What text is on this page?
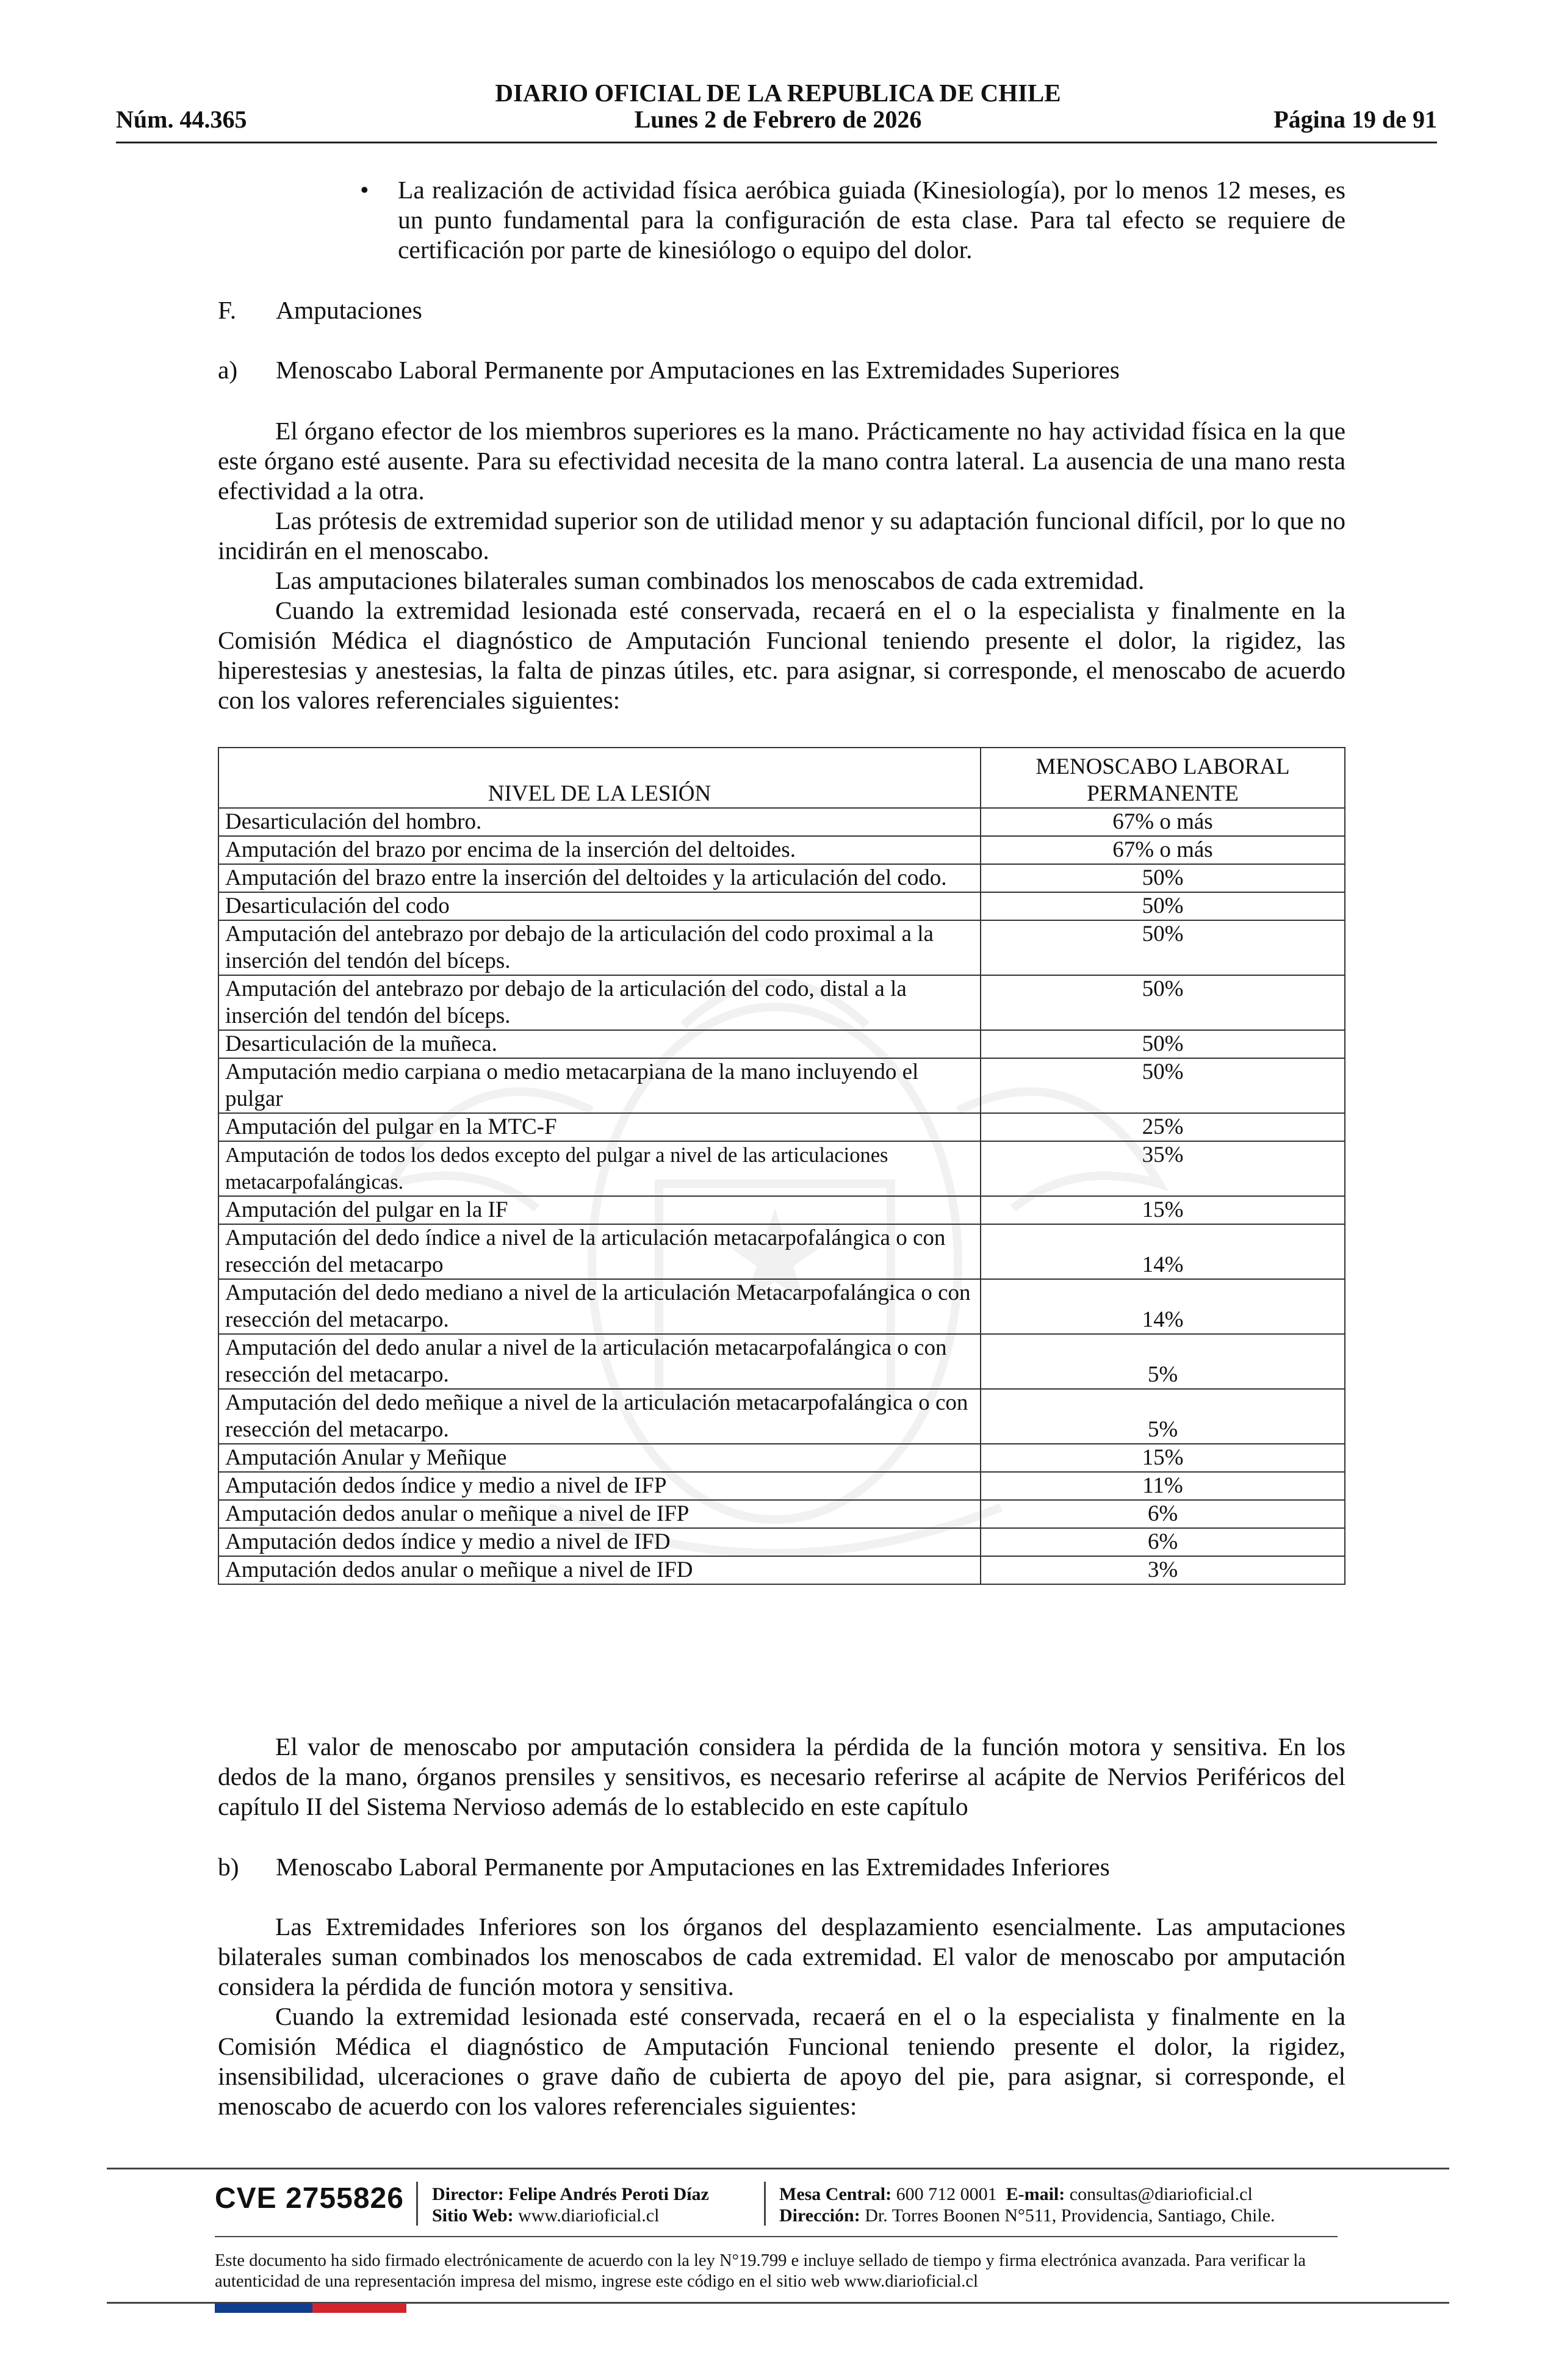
DIARIO OFICIAL DE LA REPUBLICA DE CHILE
Lunes 2 de Febrero de 2026
Núm. 44.365	Página 19 de 91
• La realización de actividad física aeróbica guiada (Kinesiología), por lo menos 12 meses, es un punto fundamental para la configuración de esta clase. Para tal efecto se requiere de certificación por parte de kinesiólogo o equipo del dolor.

F. Amputaciones
a) Menoscabo Laboral Permanente por Amputaciones en las Extremidades Superiores

El órgano efector de los miembros superiores es la mano. Prácticamente no hay actividad física en la que este órgano esté ausente. Para su efectividad necesita de la mano contra lateral. La ausencia de una mano resta efectividad a la otra.

Las prótesis de extremidad superior son de utilidad menor y su adaptación funcional difícil, por lo que no incidirán en el menoscabo.

Las amputaciones bilaterales suman combinados los menoscabos de cada extremidad.

Cuando la extremidad lesionada esté conservada, recaerá en el o la especialista y finalmente en la Comisión Médica el diagnóstico de Amputación Funcional teniendo presente el dolor, la rigidez, las hiperestesias y anestesias, la falta de pinzas útiles, etc. para asignar, si corresponde, el menoscabo de acuerdo con los valores referenciales siguientes:

NIVEL DE LA LESIÓN	MENOSCABO LABORAL PERMANENTE
Desarticulación del hombro.	67% o más
Amputación del brazo por encima de la inserción del deltoides.	67% o más
Amputación del brazo entre la inserción del deltoides y la articulación del codo.	50%
Desarticulación del codo	50%
Amputación del antebrazo por debajo de la articulación del codo proximal a la inserción del tendón del bíceps.	50%
Amputación del antebrazo por debajo de la articulación del codo, distal a la inserción del tendón del bíceps.	50%
Desarticulación de la muñeca.	50%
Amputación medio carpiana o medio metacarpiana de la mano incluyendo el pulgar	50%
Amputación del pulgar en la MTC-F	25%
Amputación de todos los dedos excepto del pulgar a nivel de las articulaciones metacarpofalángicas.	35%
Amputación del pulgar en la IF	15%
Amputación del dedo índice a nivel de la articulación metacarpofalángica o con resección del metacarpo	14%
Amputación del dedo mediano a nivel de la articulación Metacarpofalángica o con resección del metacarpo.	14%
Amputación del dedo anular a nivel de la articulación metacarpofalángica o con resección del metacarpo.	5%
Amputación del dedo meñique a nivel de la articulación metacarpofalángica o con resección del metacarpo.	5%
Amputación Anular y Meñique	15%
Amputación dedos índice y medio a nivel de IFP	11%
Amputación dedos anular o meñique a nivel de IFP	6%
Amputación dedos índice y medio a nivel de IFD	6%
Amputación dedos anular o meñique a nivel de IFD	3%

El valor de menoscabo por amputación considera la pérdida de la función motora y sensitiva. En los dedos de la mano, órganos prensiles y sensitivos, es necesario referirse al acápite de Nervios Periféricos del capítulo II del Sistema Nervioso además de lo establecido en este capítulo

b) Menoscabo Laboral Permanente por Amputaciones en las Extremidades Inferiores

Las Extremidades Inferiores son los órganos del desplazamiento esencialmente. Las amputaciones bilaterales suman combinados los menoscabos de cada extremidad. El valor de menoscabo por amputación considera la pérdida de función motora y sensitiva.

Cuando la extremidad lesionada esté conservada, recaerá en el o la especialista y finalmente en la Comisión Médica el diagnóstico de Amputación Funcional teniendo presente el dolor, la rigidez, insensibilidad, ulceraciones o grave daño de cubierta de apoyo del pie, para asignar, si corresponde, el menoscabo de acuerdo con los valores referenciales siguientes:

CVE 2755826 Director: Felipe Andrés Peroti Díaz
Sitio Web: www.diarioficial.cl
Mesa Central: 600 712 0001 E-mail: consultas@diarioficial.cl
Dirección: Dr. Torres Boonen N°511, Providencia, Santiago, Chile.
Este documento ha sido firmado electrónicamente de acuerdo con la ley N°19.799 e incluye sellado de tiempo y firma electrónica avanzada. Para verificar la autenticidad de una representación impresa del mismo, ingrese este código en el sitio web www.diarioficial.cl
